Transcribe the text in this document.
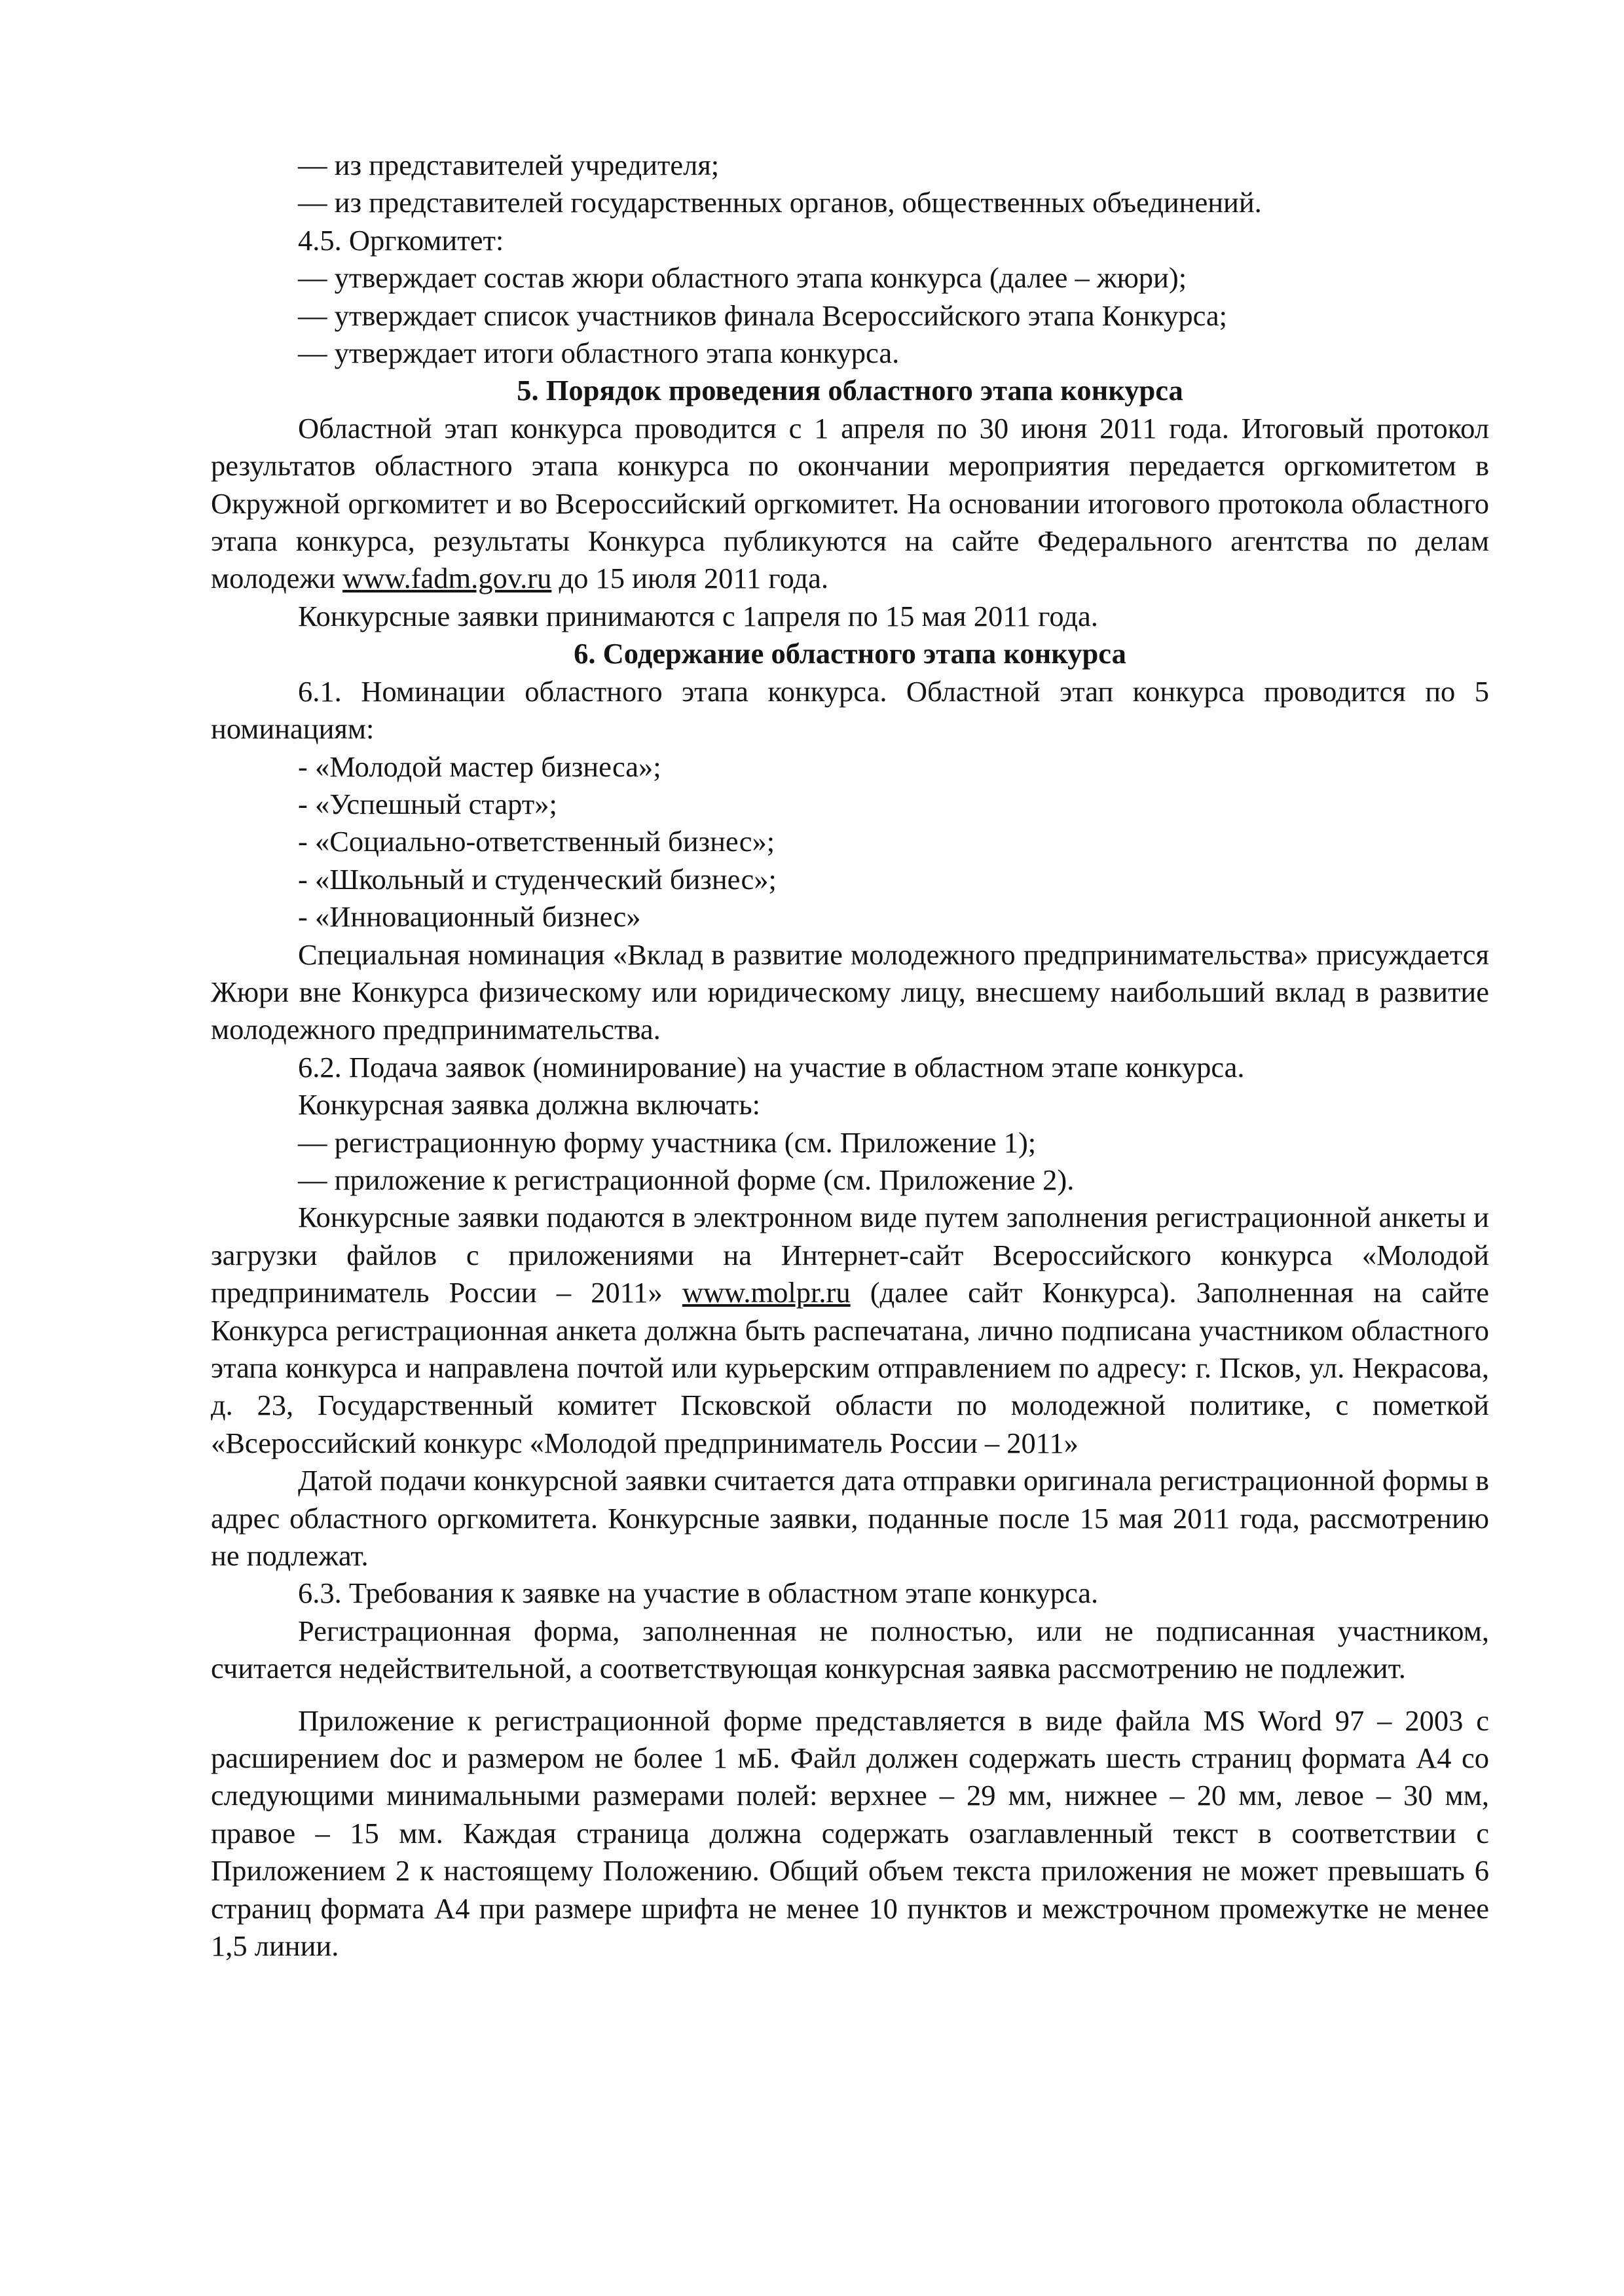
— из представителей учредителя;

— из представителей государственных органов, общественных объединений.

4.5. Оргкомитет:

— утверждает состав жюри областного этапа конкурса (далее – жюри);

— утверждает список участников финала Всероссийского этапа Конкурса;

— утверждает итоги областного этапа конкурса.

5. Порядок проведения областного этапа конкурса

Областной этап конкурса проводится с 1 апреля по 30 июня 2011 года. Итоговый протокол результатов областного этапа конкурса по окончании мероприятия передается оргкомитетом в Окружной оргкомитет и во Всероссийский оргкомитет. На основании итогового протокола областного этапа конкурса, результаты Конкурса публикуются на сайте Федерального агентства по делам молодежи www.fadm.gov.ru до 15 июля 2011 года.

Конкурсные заявки принимаются с 1апреля по 15 мая 2011 года.

6. Содержание областного этапа конкурса

6.1. Номинации областного этапа конкурса. Областной этап конкурса проводится по 5 номинациям:

- «Молодой мастер бизнеса»;

- «Успешный старт»;

- «Социально-ответственный бизнес»;

- «Школьный и студенческий бизнес»;

- «Инновационный бизнес»

Специальная номинация «Вклад в развитие молодежного предпринимательства» присуждается Жюри вне Конкурса физическому или юридическому лицу, внесшему наибольший вклад в развитие молодежного предпринимательства.

6.2. Подача заявок (номинирование) на участие в областном этапе конкурса.

Конкурсная заявка должна включать:

— регистрационную форму участника (см. Приложение 1);

— приложение к регистрационной форме (см. Приложение 2).

Конкурсные заявки подаются в электронном виде путем заполнения регистрационной анкеты и загрузки файлов с приложениями на Интернет-сайт Всероссийского конкурса «Молодой предприниматель России – 2011» www.molpr.ru (далее сайт Конкурса). Заполненная на сайте Конкурса регистрационная анкета должна быть распечатана, лично подписана участником областного этапа конкурса и направлена почтой или курьерским отправлением по адресу: г. Псков, ул. Некрасова, д. 23, Государственный комитет Псковской области по молодежной политике, с пометкой «Всероссийский конкурс «Молодой предприниматель России – 2011»

Датой подачи конкурсной заявки считается дата отправки оригинала регистрационной формы в адрес областного оргкомитета. Конкурсные заявки, поданные после 15 мая 2011 года, рассмотрению не подлежат.

6.3. Требования к заявке на участие в областном этапе конкурса.

Регистрационная форма, заполненная не полностью, или не подписанная участником, считается недействительной, а соответствующая конкурсная заявка рассмотрению не подлежит.

Приложение к регистрационной форме представляется в виде файла MS Word 97 – 2003 с расширением doc и размером не более 1 мБ. Файл должен содержать шесть страниц формата А4 со следующими минимальными размерами полей: верхнее – 29 мм, нижнее – 20 мм, левое – 30 мм, правое – 15 мм. Каждая страница должна содержать озаглавленный текст в соответствии с Приложением 2 к настоящему Положению. Общий объем текста приложения не может превышать 6 страниц формата А4 при размере шрифта не менее 10 пунктов и межстрочном промежутке не менее 1,5 линии.
